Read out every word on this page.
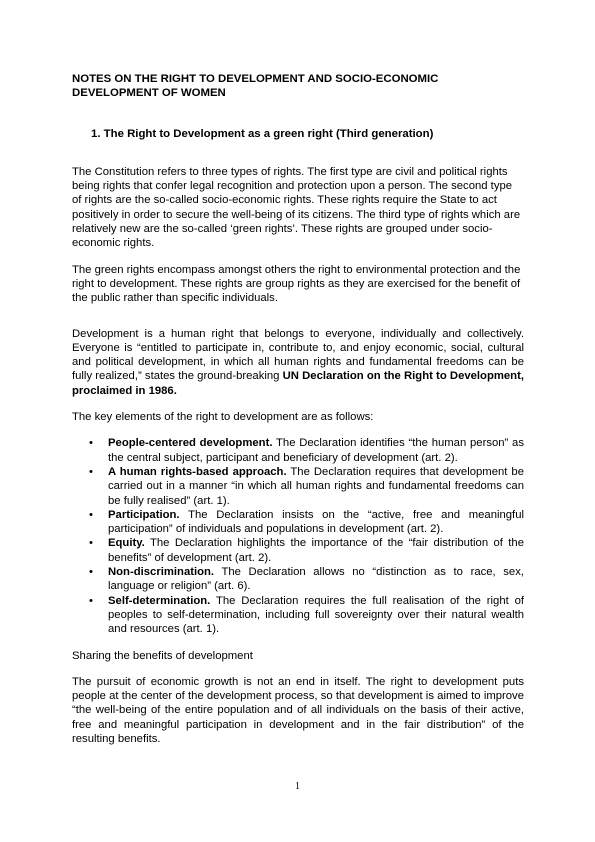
NOTES ON THE RIGHT TO DEVELOPMENT AND SOCIO-ECONOMIC
DEVELOPMENT OF WOMEN
1. The Right to Development as a green right (Third generation)

The Constitution refers to three types of rights. The first type are civil and political rights being rights that confer legal recognition and protection upon a person. The second type of rights are the so-called socio-economic rights. These rights require the State to act positively in order to secure the well-being of its citizens. The third type of rights which are relatively new are the so-called ‘green rights’. These rights are grouped under socio-economic rights.

The green rights encompass amongst others the right to environmental protection and the right to development. These rights are group rights as they are exercised for the benefit of the public rather than specific individuals.

Development is a human right that belongs to everyone, individually and collectively. Everyone is “entitled to participate in, contribute to, and enjoy economic, social, cultural and political development, in which all human rights and fundamental freedoms can be fully realized,” states the ground-breaking UN Declaration on the Right to Development, proclaimed in 1986.

The key elements of the right to development are as follows:

• People-centered development. The Declaration identifies “the human person” as the central subject, participant and beneficiary of development (art. 2).
• A human rights-based approach. The Declaration requires that development be carried out in a manner “in which all human rights and fundamental freedoms can be fully realised” (art. 1).
• Participation. The Declaration insists on the “active, free and meaningful participation” of individuals and populations in development (art. 2).
• Equity. The Declaration highlights the importance of the “fair distribution of the benefits” of development (art. 2).
• Non-discrimination. The Declaration allows no “distinction as to race, sex, language or religion” (art. 6).
• Self-determination. The Declaration requires the full realisation of the right of peoples to self-determination, including full sovereignty over their natural wealth and resources (art. 1).

Sharing the benefits of development

The pursuit of economic growth is not an end in itself. The right to development puts people at the center of the development process, so that development is aimed to improve “the well-being of the entire population and of all individuals on the basis of their active, free and meaningful participation in development and in the fair distribution” of the resulting benefits.

1
